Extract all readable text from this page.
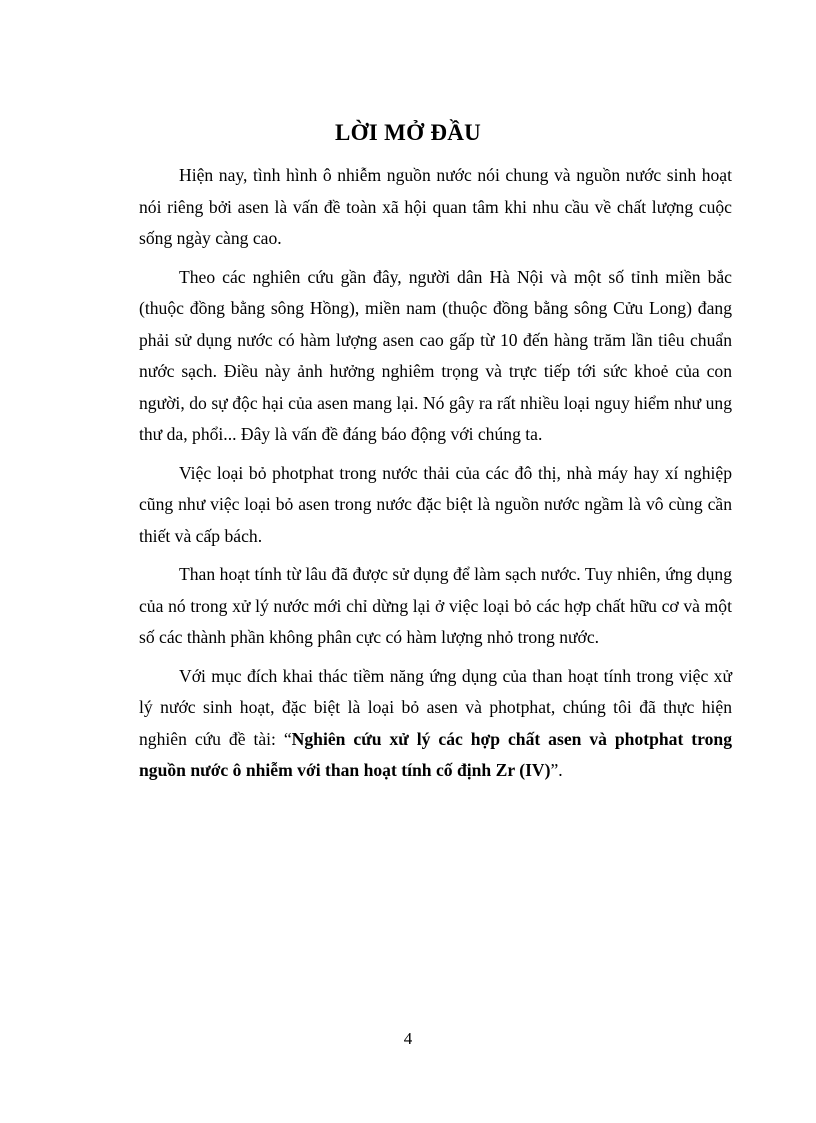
LỜI MỞ ĐẦU

Hiện nay, tình hình ô nhiễm nguồn nước nói chung và nguồn nước sinh hoạt nói riêng bởi asen là vấn đề toàn xã hội quan tâm khi nhu cầu về chất lượng cuộc sống ngày càng cao.

Theo các nghiên cứu gần đây, người dân Hà Nội và một số tỉnh miền bắc (thuộc đồng bằng sông Hồng), miền nam (thuộc đồng bằng sông Cửu Long) đang phải sử dụng nước có hàm lượng asen cao gấp từ 10 đến hàng trăm lần tiêu chuẩn nước sạch. Điều này ảnh hưởng nghiêm trọng và trực tiếp tới sức khoẻ của con người, do sự độc hại của asen mang lại. Nó gây ra rất nhiều loại nguy hiểm như ung thư da, phổi... Đây là vấn đề đáng báo động với chúng ta.

Việc loại bỏ photphat trong nước thải của các đô thị, nhà máy hay xí nghiệp cũng như việc loại bỏ asen trong nước đặc biệt là nguồn nước ngầm là vô cùng cần thiết và cấp bách.

Than hoạt tính từ lâu đã được sử dụng để làm sạch nước. Tuy nhiên, ứng dụng của nó trong xử lý nước mới chỉ dừng lại ở việc loại bỏ các hợp chất hữu cơ và một số các thành phần không phân cực có hàm lượng nhỏ trong nước.

Với mục đích khai thác tiềm năng ứng dụng của than hoạt tính trong việc xử lý nước sinh hoạt, đặc biệt là loại bỏ asen và photphat, chúng tôi đã thực hiện nghiên cứu đề tài: “Nghiên cứu xử lý các hợp chất asen và photphat trong nguồn nước ô nhiễm với than hoạt tính cố định Zr (IV)”.

4
